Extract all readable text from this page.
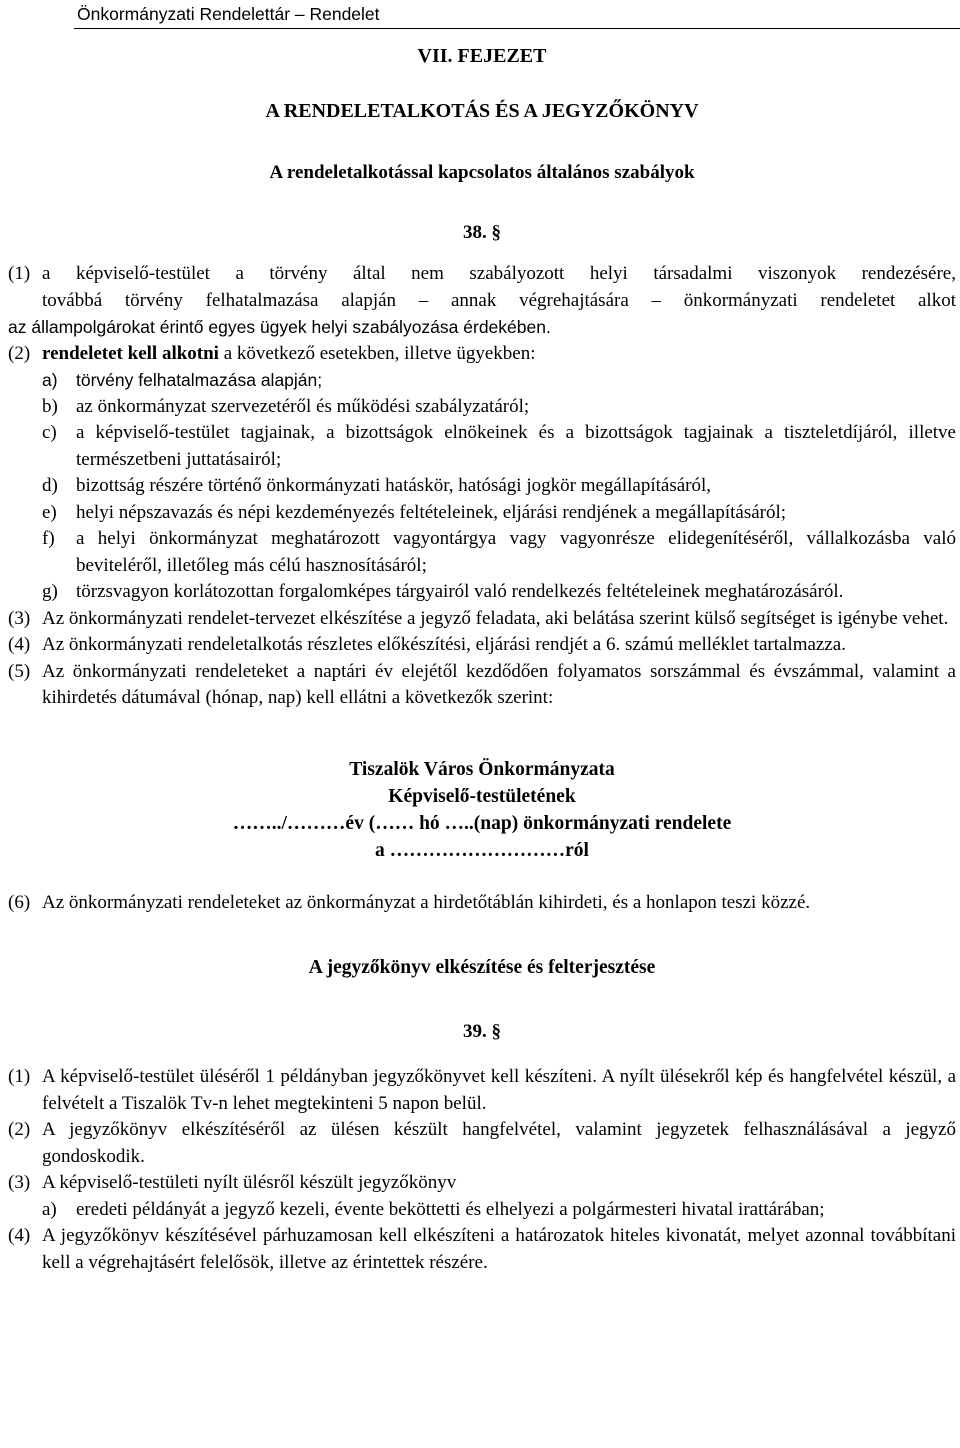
Önkormányzati Rendelettár – Rendelet

VII. FEJEZET

A RENDELETALKOTÁS ÉS A JEGYZŐKÖNYV

A rendeletalkotással kapcsolatos általános szabályok

38. §

(1) a képviselő-testület a törvény által nem szabályozott helyi társadalmi viszonyok rendezésére,
továbbá törvény felhatalmazása alapján – annak végrehajtására – önkormányzati rendeletet alkot
az állampolgárokat érintő egyes ügyek helyi szabályozása érdekében.
(2) rendeletet kell alkotni a következő esetekben, illetve ügyekben:
a) törvény felhatalmazása alapján;
b) az önkormányzat szervezetéről és működési szabályzatáról;
c) a képviselő-testület tagjainak, a bizottságok elnökeinek és a bizottságok tagjainak a tiszteletdíjáról, illetve természetbeni juttatásairól;
d) bizottság részére történő önkormányzati hatáskör, hatósági jogkör megállapításáról,
e) helyi népszavazás és népi kezdeményezés feltételeinek, eljárási rendjének a megállapításáról;
f) a helyi önkormányzat meghatározott vagyontárgya vagy vagyonrésze elidegenítéséről, vállalkozásba való beviteléről, illetőleg más célú hasznosításáról;
g) törzsvagyon korlátozottan forgalomképes tárgyairól való rendelkezés feltételeinek meghatározásáról.
(3) Az önkormányzati rendelet-tervezet elkészítése a jegyző feladata, aki belátása szerint külső segítséget is igénybe vehet.
(4) Az önkormányzati rendeletalkotás részletes előkészítési, eljárási rendjét a 6. számú melléklet tartalmazza.
(5) Az önkormányzati rendeleteket a naptári év elejétől kezdődően folyamatos sorszámmal és évszámmal, valamint a kihirdetés dátumával (hónap, nap) kell ellátni a következők szerint:
Tiszalök Város Önkormányzata
Képviselő-testületének
……../………év (…… hó …..(nap) önkormányzati rendelete
a ………………………ról
(6) Az önkormányzati rendeleteket az önkormányzat a hirdetőtáblán kihirdeti, és a honlapon teszi közzé.

A jegyzőkönyv elkészítése és felterjesztése

39. §

(1) A képviselő-testület üléséről 1 példányban jegyzőkönyvet kell készíteni. A nyílt ülésekről kép és hangfelvétel készül, a felvételt a Tiszalök Tv-n lehet megtekinteni 5 napon belül.
(2) A jegyzőkönyv elkészítéséről az ülésen készült hangfelvétel, valamint jegyzetek felhasználásával a jegyző gondoskodik.
(3) A képviselő-testületi nyílt ülésről készült jegyzőkönyv
a) eredeti példányát a jegyző kezeli, évente beköttetti és elhelyezi a polgármesteri hivatal irattárában;
(4) A jegyzőkönyv készítésével párhuzamosan kell elkészíteni a határozatok hiteles kivonatát, melyet azonnal továbbítani kell a végrehajtásért felelősök, illetve az érintettek részére.
